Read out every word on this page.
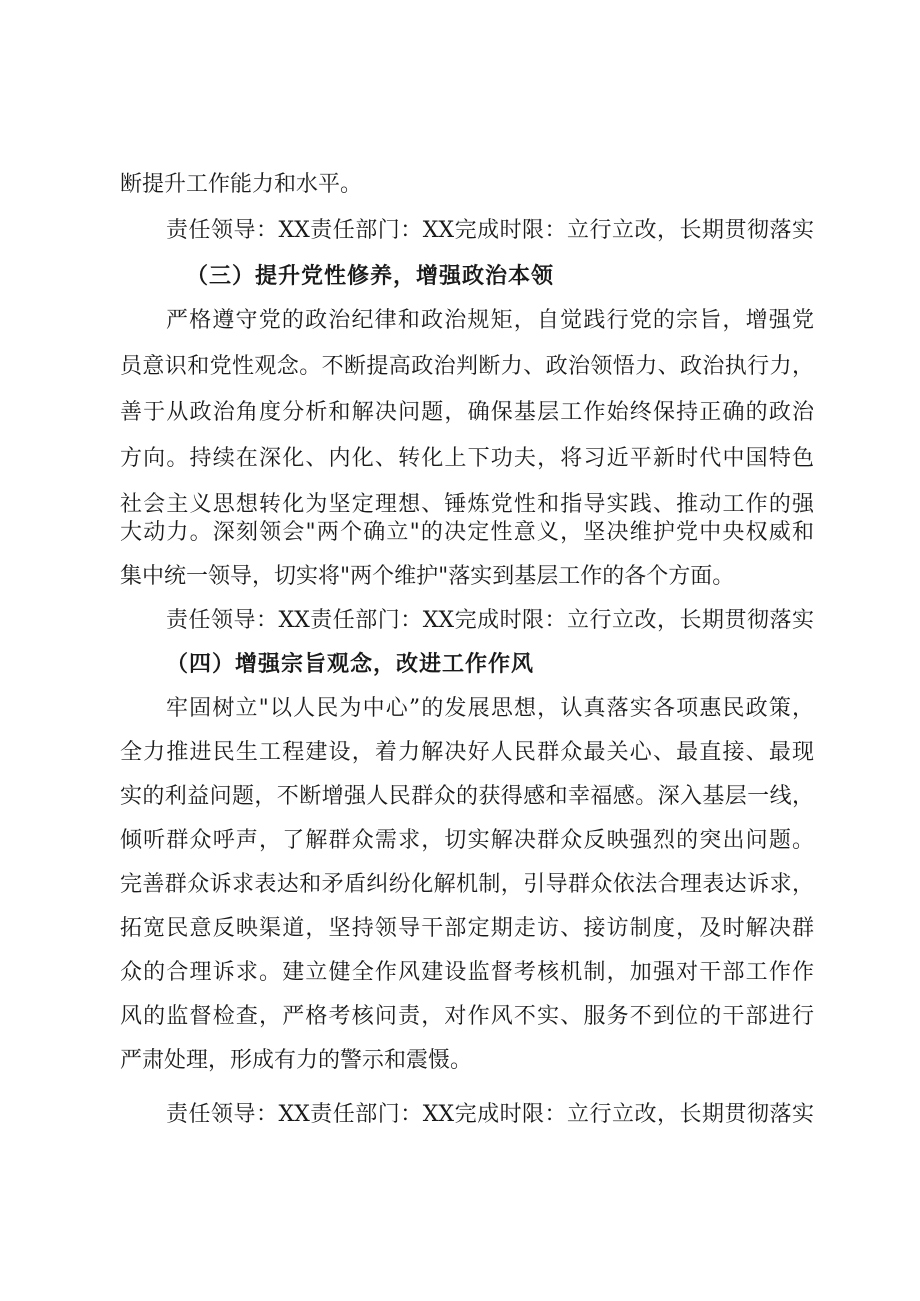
断提升工作能力和水平。
责任领导：XX责任部门：XX完成时限：立行立改，长期贯彻落实
（三）提升党性修养，增强政治本领
严格遵守党的政治纪律和政治规矩，自觉践行党的宗旨，增强党
员意识和党性观念。不断提高政治判断力、政治领悟力、政治执行力，
善于从政治角度分析和解决问题，确保基层工作始终保持正确的政治
方向。持续在深化、内化、转化上下功夫，将习近平新时代中国特色
社会主义思想转化为坚定理想、锤炼党性和指导实践、推动工作的强
大动力。深刻领会"两个确立"的决定性意义，坚决维护党中央权威和
集中统一领导，切实将"两个维护"落实到基层工作的各个方面。
责任领导：XX责任部门：XX完成时限：立行立改，长期贯彻落实
（四）增强宗旨观念，改进工作作风
牢固树立"以人民为中心”的发展思想，认真落实各项惠民政策，
全力推进民生工程建设，着力解决好人民群众最关心、最直接、最现
实的利益问题，不断增强人民群众的获得感和幸福感。深入基层一线，
倾听群众呼声，了解群众需求，切实解决群众反映强烈的突出问题。
完善群众诉求表达和矛盾纠纷化解机制，引导群众依法合理表达诉求，
拓宽民意反映渠道，坚持领导干部定期走访、接访制度，及时解决群
众的合理诉求。建立健全作风建设监督考核机制，加强对干部工作作
风的监督检查，严格考核问责，对作风不实、服务不到位的干部进行
严肃处理，形成有力的警示和震慑。
责任领导：XX责任部门：XX完成时限：立行立改，长期贯彻落实
